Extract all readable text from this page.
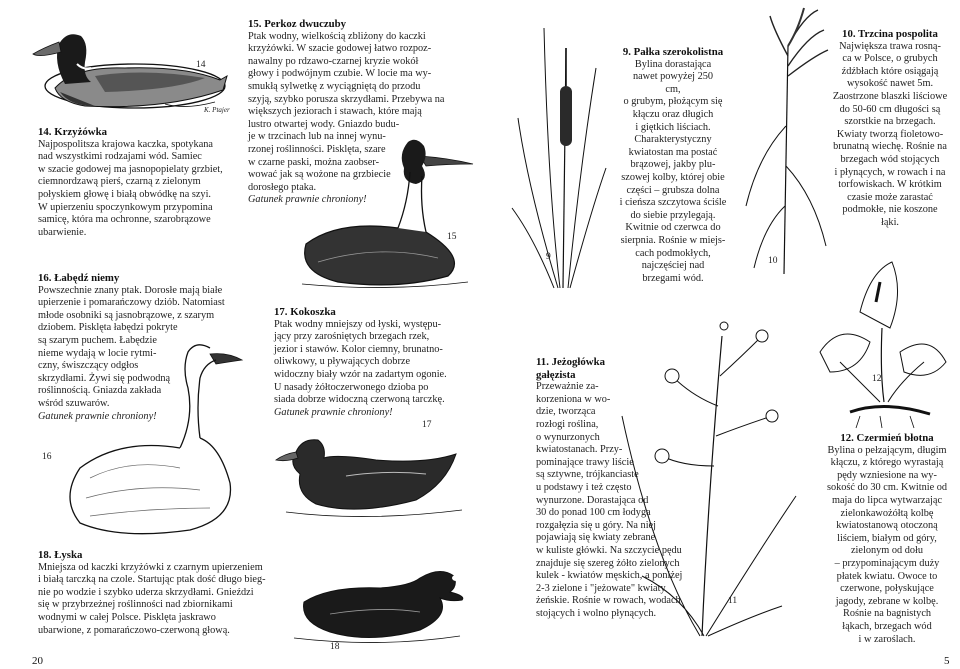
14
K. Ptajer
14. Krzyżówka
Najpospolitsza krajowa kaczka, spotykana
nad wszystkimi rodzajami wód. Samiec
w szacie godowej ma jasnopopielaty grzbiet,
ciemnordzawą pierś, czarną z zielonym
połyskiem głowę i białą obwódkę na szyi.
W upierzeniu spoczynkowym przypomina
samicę, która ma ochronne, szarobrązowe
ubarwienie.
16. Łabędź niemy
Powszechnie znany ptak. Dorosłe mają białe
upierzenie i pomarańczowy dziób. Natomiast
młode osobniki są jasnobrązowe, z szarym
dziobem. Pisklęta łabędzi pokryte
są szarym puchem. Łabędzie
nieme wydają w locie rytmi-
czny, świszczący odgłos
skrzydłami. Żywi się podwodną
roślinnością. Gniazda zakłada
wśród szuwarów.
Gatunek prawnie chroniony!
16
18. Łyska
Mniejsza od kaczki krzyżówki z czarnym upierzeniem
i białą tarczką na czole. Startując ptak dość długo bieg-
nie po wodzie i szybko uderza skrzydłami. Gnieździ
się w przybrzeżnej roślinności nad zbiornikami
wodnymi w całej Polsce. Pisklęta jaskrawo
ubarwione, z pomarańczowo-czerwoną głową.
20
15. Perkoz dwuczuby
Ptak wodny, wielkością zbliżony do kaczki
krzyżówki. W szacie godowej łatwo rozpoz-
nawalny po rdzawo-czarnej kryzie wokół
głowy i podwójnym czubie. W locie ma wy-
smukłą sylwetkę z wyciągniętą do przodu
szyją, szybko porusza skrzydłami. Przebywa na
większych jeziorach i stawach, które mają
lustro otwartej wody. Gniazdo budu-
je w trzcinach lub na innej wynu-
rzonej roślinności. Pisklęta, szare
w czarne paski, można zaobser-
wować jak są wożone na grzbiecie
dorosłego ptaka.
Gatunek prawnie chroniony!
15
17. Kokoszka
Ptak wodny mniejszy od łyski, występu-
jący przy zarośniętych brzegach rzek,
jezior i stawów. Kolor ciemny, brunatno-
oliwkowy, u pływających dobrze
widoczny biały wzór na zadartym ogonie.
U nasady żółtoczerwonego dzioba po
siada dobrze widoczną czerwoną tarczkę.
Gatunek prawnie chroniony!
17
18
9
9. Pałka szerokolistna
Bylina dorastająca
nawet powyżej 250
cm,
o grubym, płożącym się
kłączu oraz długich
i giętkich liściach.
Charakterystyczny
kwiatostan ma postać
brązowej, jakby plu-
szowej kolby, której obie
części – grubsza dolna
i cieńsza szczytowa ściśle
do siebie przylegają.
Kwitnie od czerwca do
sierpnia. Rośnie w miejs-
cach podmokłych,
najczęściej nad
brzegami wód.
10
10. Trzcina pospolita
Największa trawa rosną-
ca w Polsce, o grubych
źdźbłach które osiągają
wysokość nawet 5m.
Zaostrzone blaszki liściowe
do 50-60 cm długości są
szorstkie na brzegach.
Kwiaty tworzą fioletowo-
brunatną wiechę. Rośnie na
brzegach wód stojących
i płynących, w rowach i na
torfowiskach. W krótkim
czasie może zarastać
podmokłe, nie koszone
łąki.
11. Jeżogłówka
gałęzista
Przeważnie za-
korzeniona w wo-
dzie, tworząca
rozłogi roślina,
o wynurzonych
kwiatostanach. Przy-
pominające trawy liście
są sztywne, trójkanciaste
u podstawy i też często
wynurzone. Dorastająca od
30 do ponad 100 cm łodyga
rozgałęzia się u góry. Na niej
pojawiają się kwiaty zebrane
w kuliste główki. Na szczycie pędu
znajduje się szereg żółto zielonych
kulek - kwiatów męskich, a poniżej
2-3 zielone i "jeżowate" kwiaty
żeńskie. Rośnie w rowach, wodach
stojących i wolno płynących.
11
12
12. Czermień błotna
Bylina o pełzającym, długim
kłączu, z którego wyrastają
pędy wzniesione na wy-
sokość do 30 cm. Kwitnie od
maja do lipca wytwarzając
zielonkawożółtą kolbę
kwiatostanową otoczoną
liściem, białym od góry,
zielonym od dołu
– przypominającym duży
płatek kwiatu. Owoce to
czerwone, połyskujące
jagody, zebrane w kolbę.
Rośnie na bagnistych
łąkach, brzegach wód
i w zaroślach.
5
